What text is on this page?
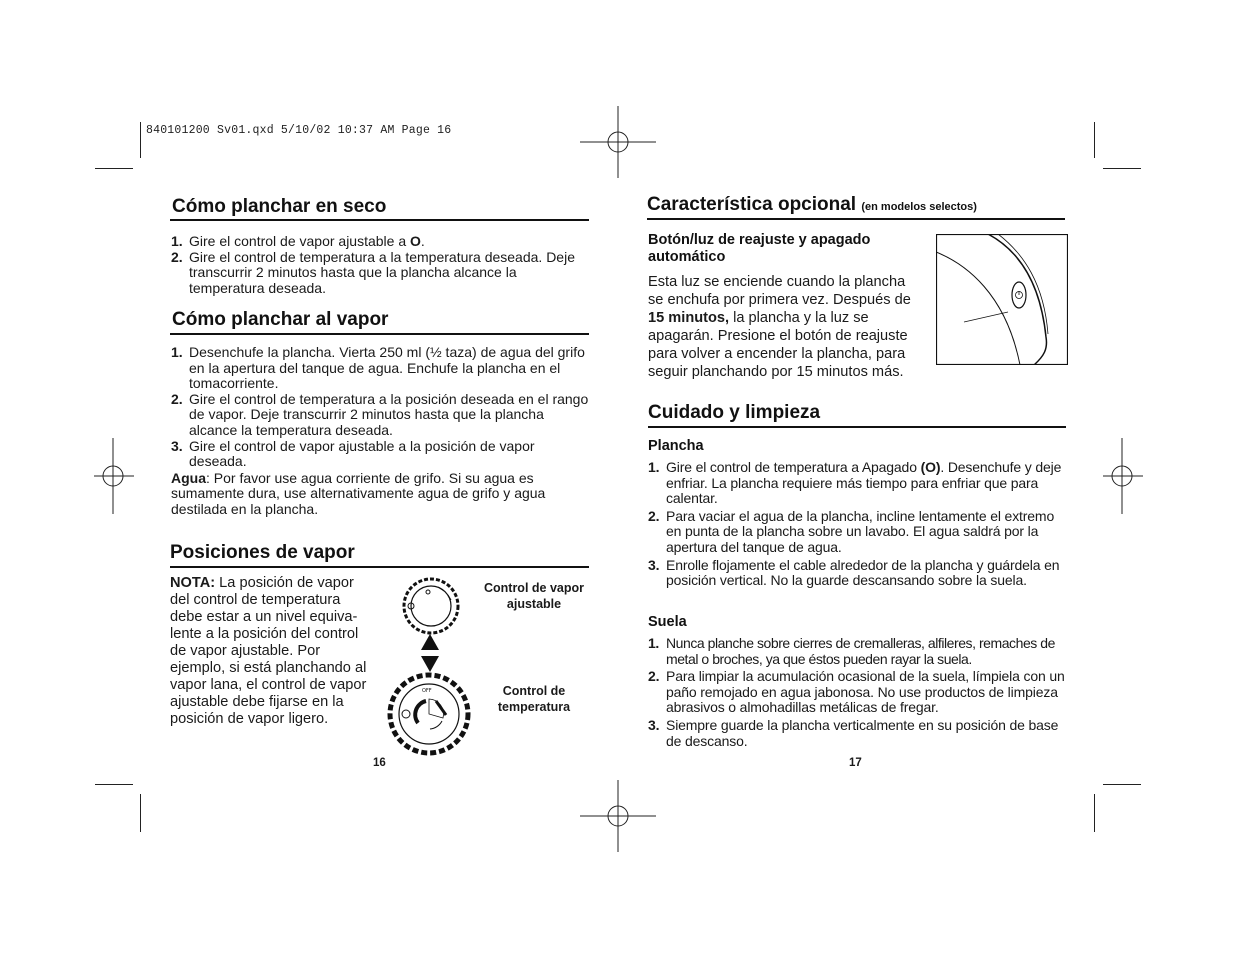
840101200 Sv01.qxd 5/10/02 10:37 AM Page 16
Cómo planchar en seco
1. Gire el control de vapor ajustable a O.
2. Gire el control de temperatura a la temperatura deseada. Deje transcurrir 2 minutos hasta que la plancha alcance la temperatura deseada.
Cómo planchar al vapor
1. Desenchufe la plancha. Vierta 250 ml (½ taza) de agua del grifo en la apertura del tanque de agua. Enchufe la plancha en el tomacorriente.
2. Gire el control de temperatura a la posición deseada en el rango de vapor. Deje transcurrir 2 minutos hasta que la plancha alcance la temperatura deseada.
3. Gire el control de vapor ajustable a la posición de vapor deseada.
Agua: Por favor use agua corriente de grifo. Si su agua es sumamente dura, use alternativamente agua de grifo y agua destilada en la plancha.
Posiciones de vapor
NOTA: La posición de vapor del control de temperatura debe estar a un nivel equiva-lente a la posición del control de vapor ajustable. Por ejemplo, si está planchando al vapor lana, el control de vapor ajustable debe fijarse en la posición de vapor ligero.
OFF
Control de vapor ajustable
Control de temperatura
16
Característica opcional (en modelos selectos)
Botón/luz de reajuste y apagado automático
Esta luz se enciende cuando la plancha se enchufa por primera vez. Después de 15 minutos, la plancha y la luz se apagarán. Presione el botón de reajuste para volver a encender la plancha, para seguir planchando por 15 minutos más.
Cuidado y limpieza
Plancha
1. Gire el control de temperatura a Apagado (O). Desenchufe y deje enfriar. La plancha requiere más tiempo para enfriar que para calentar.
2. Para vaciar el agua de la plancha, incline lentamente el extremo en punta de la plancha sobre un lavabo. El agua saldrá por la apertura del tanque de agua.
3. Enrolle flojamente el cable alrededor de la plancha y guárdela en posición vertical. No la guarde descansando sobre la suela.
Suela
1. Nunca planche sobre cierres de cremalleras, alfileres, remaches de metal o broches, ya que éstos pueden rayar la suela.
2. Para limpiar la acumulación ocasional de la suela, límpiela con un paño remojado en agua jabonosa. No use productos de limpieza abrasivos o almohadillas metálicas de fregar.
3. Siempre guarde la plancha verticalmente en su posición de base de descanso.
17
